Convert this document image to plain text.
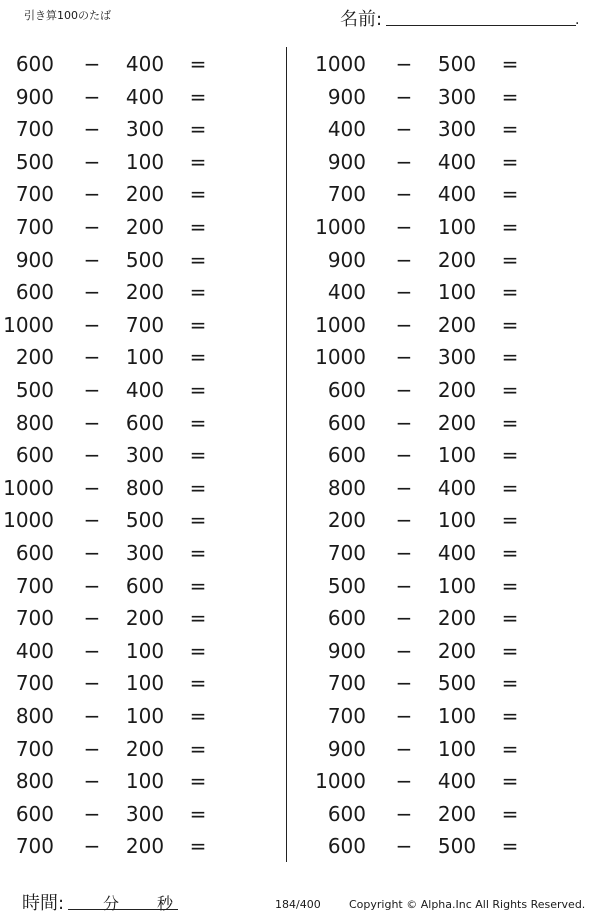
引き算100のたば	名前:	.
600 − 400 =
900 − 400 =
700 − 300 =
500 − 100 =
700 − 200 =
700 − 200 =
900 − 500 =
600 − 200 =
1000 − 700 =
200 − 100 =
500 − 400 =
800 − 600 =
600 − 300 =
1000 − 800 =
1000 − 500 =
600 − 300 =
700 − 600 =
700 − 200 =
400 − 100 =
700 − 100 =
800 − 100 =
700 − 200 =
800 − 100 =
600 − 300 =
700 − 200 =
1000 − 500 =
900 − 300 =
400 − 300 =
900 − 400 =
700 − 400 =
1000 − 100 =
900 − 200 =
400 − 100 =
1000 − 200 =
1000 − 300 =
600 − 200 =
600 − 200 =
600 − 100 =
800 − 400 =
200 − 100 =
700 − 400 =
500 − 100 =
600 − 200 =
900 − 200 =
700 − 500 =
700 − 100 =
900 − 100 =
1000 − 400 =
600 − 200 =
600 − 500 =
時間: 分 秒	184/400	Copyright © Alpha.Inc All Rights Reserved.
